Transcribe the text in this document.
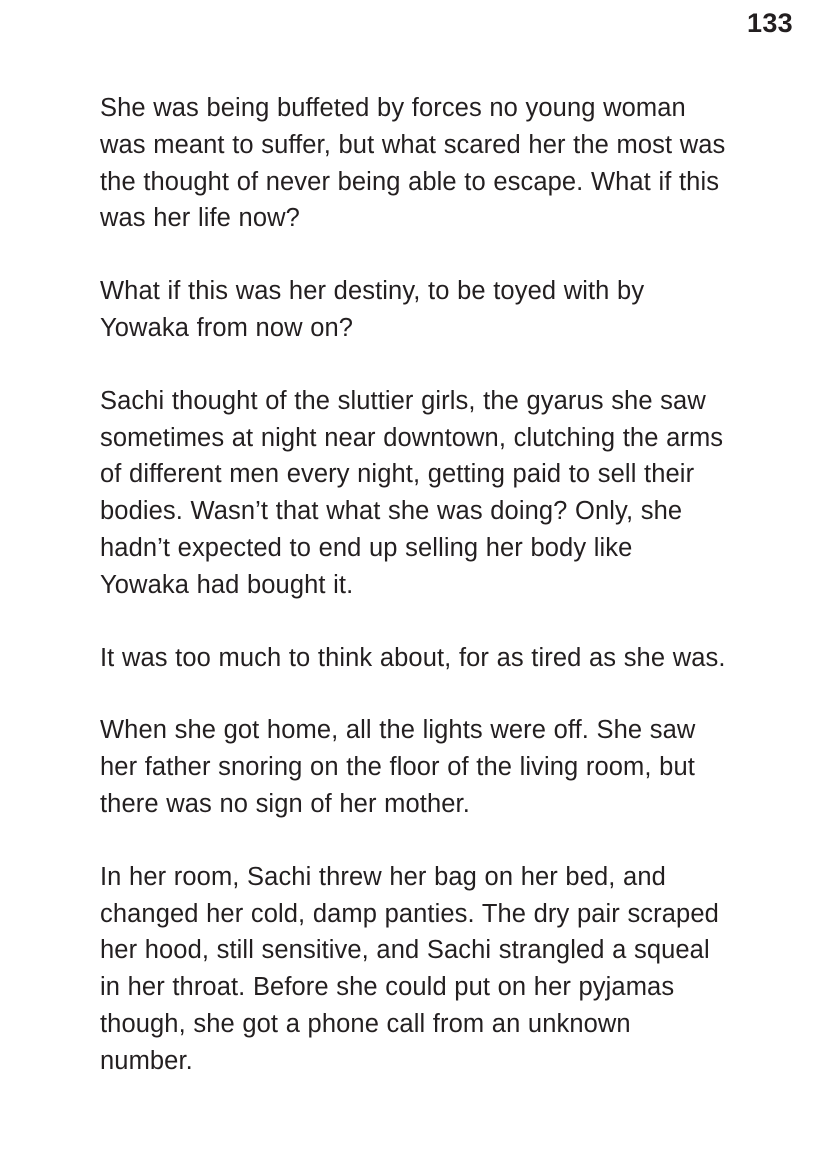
133

She was being buffeted by forces no young woman was meant to suffer, but what scared her the most was the thought of never being able to escape. What if this was her life now?

What if this was her destiny, to be toyed with by Yowaka from now on?

Sachi thought of the sluttier girls, the gyarus she saw sometimes at night near downtown, clutching the arms of different men every night, getting paid to sell their bodies. Wasn’t that what she was doing? Only, she hadn’t expected to end up selling her body like Yowaka had bought it.

It was too much to think about, for as tired as she was.

When she got home, all the lights were off. She saw her father snoring on the floor of the living room, but there was no sign of her mother.

In her room, Sachi threw her bag on her bed, and changed her cold, damp panties. The dry pair scraped her hood, still sensitive, and Sachi strangled a squeal in her throat. Before she could put on her pyjamas though, she got a phone call from an unknown number.
